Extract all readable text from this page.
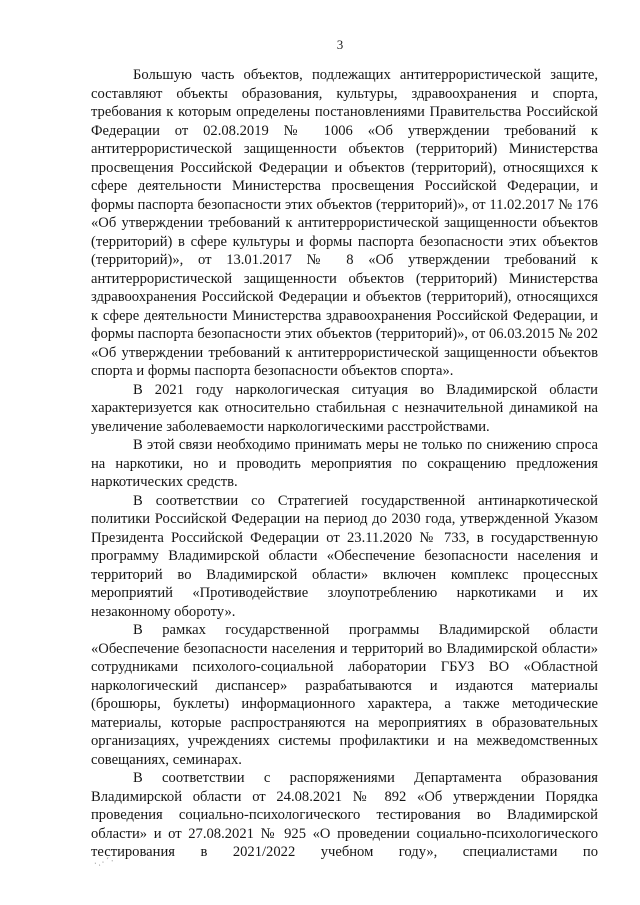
3

Большую часть объектов, подлежащих антитеррористической защите, составляют объекты образования, культуры, здравоохранения и спорта, требования к которым определены постановлениями Правительства Российской Федерации от 02.08.2019 № 1006 «Об утверждении требований к антитеррористической защищенности объектов (территорий) Министерства просвещения Российской Федерации и объектов (территорий), относящихся к сфере деятельности Министерства просвещения Российской Федерации, и формы паспорта безопасности этих объектов (территорий)», от 11.02.2017 № 176 «Об утверждении требований к антитеррористической защищенности объектов (территорий) в сфере культуры и формы паспорта безопасности этих объектов (территорий)», от 13.01.2017 № 8 «Об утверждении требований к антитеррористической защищенности объектов (территорий) Министерства здравоохранения Российской Федерации и объектов (территорий), относящихся к сфере деятельности Министерства здравоохранения Российской Федерации, и формы паспорта безопасности этих объектов (территорий)», от 06.03.2015 № 202 «Об утверждении требований к антитеррористической защищенности объектов спорта и формы паспорта безопасности объектов спорта».

В 2021 году наркологическая ситуация во Владимирской области характеризуется как относительно стабильная с незначительной динамикой на увеличение заболеваемости наркологическими расстройствами.

В этой связи необходимо принимать меры не только по снижению спроса на наркотики, но и проводить мероприятия по сокращению предложения наркотических средств.

В соответствии со Стратегией государственной антинаркотической политики Российской Федерации на период до 2030 года, утвержденной Указом Президента Российской Федерации от 23.11.2020 № 733, в государственную программу Владимирской области «Обеспечение безопасности населения и территорий во Владимирской области» включен комплекс процессных мероприятий «Противодействие злоупотреблению наркотиками и их незаконному обороту».

В рамках государственной программы Владимирской области «Обеспечение безопасности населения и территорий во Владимирской области» сотрудниками психолого-социальной лаборатории ГБУЗ ВО «Областной наркологический диспансер» разрабатываются и издаются материалы (брошюры, буклеты) информационного характера, а также методические материалы, которые распространяются на мероприятиях в образовательных организациях, учреждениях системы профилактики и на межведомственных совещаниях, семинарах.

В соответствии с распоряжениями Департамента образования Владимирской области от 24.08.2021 № 892 «Об утверждении Порядка проведения социально-психологического тестирования во Владимирской области» и от 27.08.2021 № 925 «О проведении социально-психологического тестирования в 2021/2022 учебном году», специалистами по

·.·´·
